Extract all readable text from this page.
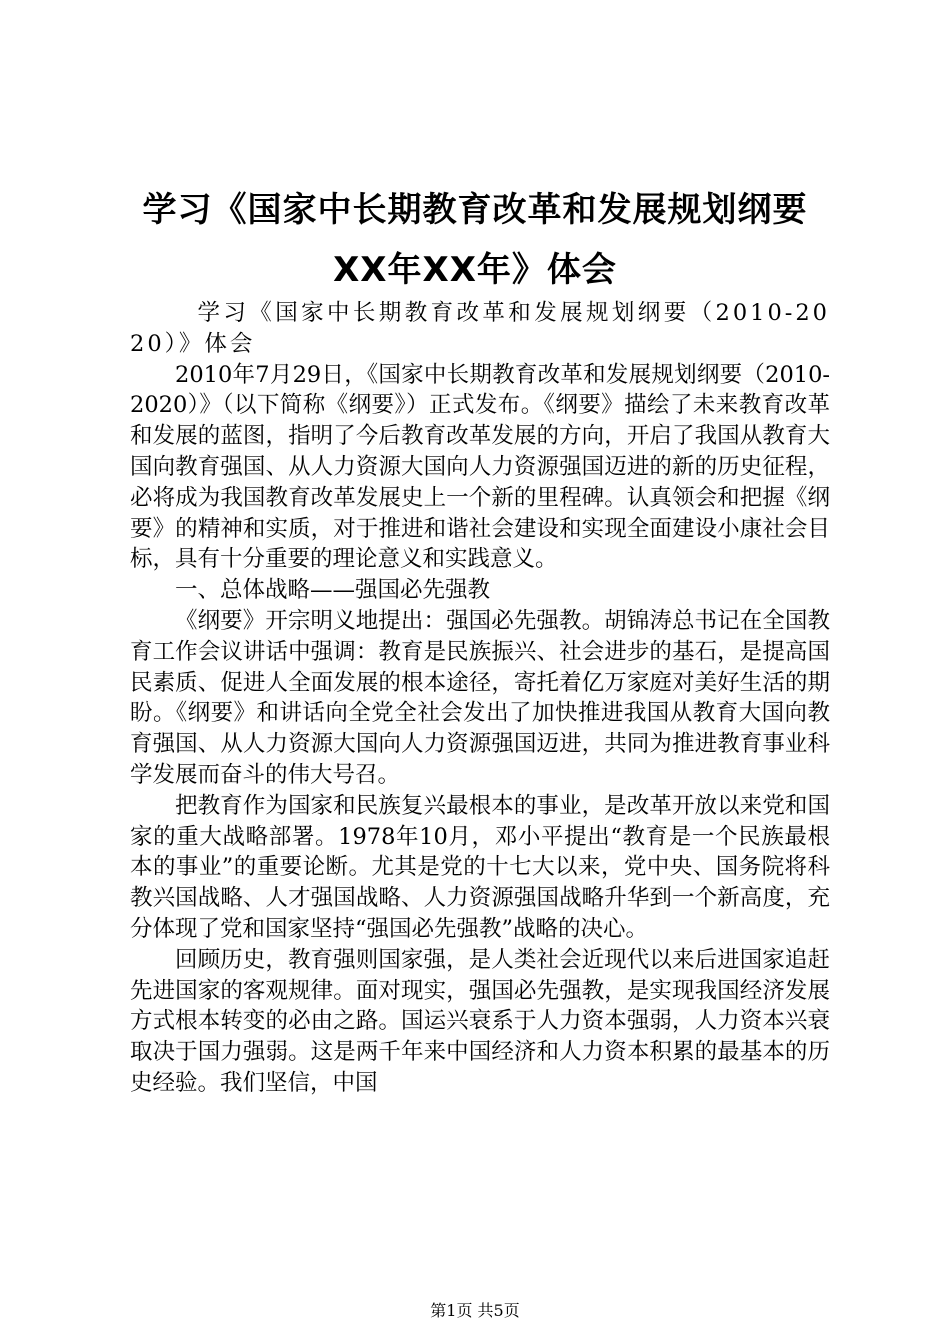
学习《国家中长期教育改革和发展规划纲要
XX年XX年》体会

学习《国家中长期教育改革和发展规划纲要（2010-2020）》体会

2010年7月29日，《国家中长期教育改革和发展规划纲要（2010-2020）》（以下简称《纲要》）正式发布。《纲要》描绘了未来教育改革和发展的蓝图，指明了今后教育改革发展的方向，开启了我国从教育大国向教育强国、从人力资源大国向人力资源强国迈进的新的历史征程，必将成为我国教育改革发展史上一个新的里程碑。认真领会和把握《纲要》的精神和实质，对于推进和谐社会建设和实现全面建设小康社会目标，具有十分重要的理论意义和实践意义。

一、总体战略——强国必先强教

《纲要》开宗明义地提出：强国必先强教。胡锦涛总书记在全国教育工作会议讲话中强调：教育是民族振兴、社会进步的基石，是提高国民素质、促进人全面发展的根本途径，寄托着亿万家庭对美好生活的期盼。《纲要》和讲话向全党全社会发出了加快推进我国从教育大国向教育强国、从人力资源大国向人力资源强国迈进，共同为推进教育事业科学发展而奋斗的伟大号召。

把教育作为国家和民族复兴最根本的事业，是改革开放以来党和国家的重大战略部署。1978年10月，邓小平提出“教育是一个民族最根本的事业”的重要论断。尤其是党的十七大以来，党中央、国务院将科教兴国战略、人才强国战略、人力资源强国战略升华到一个新高度，充分体现了党和国家坚持“强国必先强教”战略的决心。

回顾历史，教育强则国家强，是人类社会近现代以来后进国家追赶先进国家的客观规律。面对现实，强国必先强教，是实现我国经济发展方式根本转变的必由之路。国运兴衰系于人力资本强弱，人力资本兴衰取决于国力强弱。这是两千年来中国经济和人力资本积累的最基本的历史经验。我们坚信，中国

第1页 共5页
